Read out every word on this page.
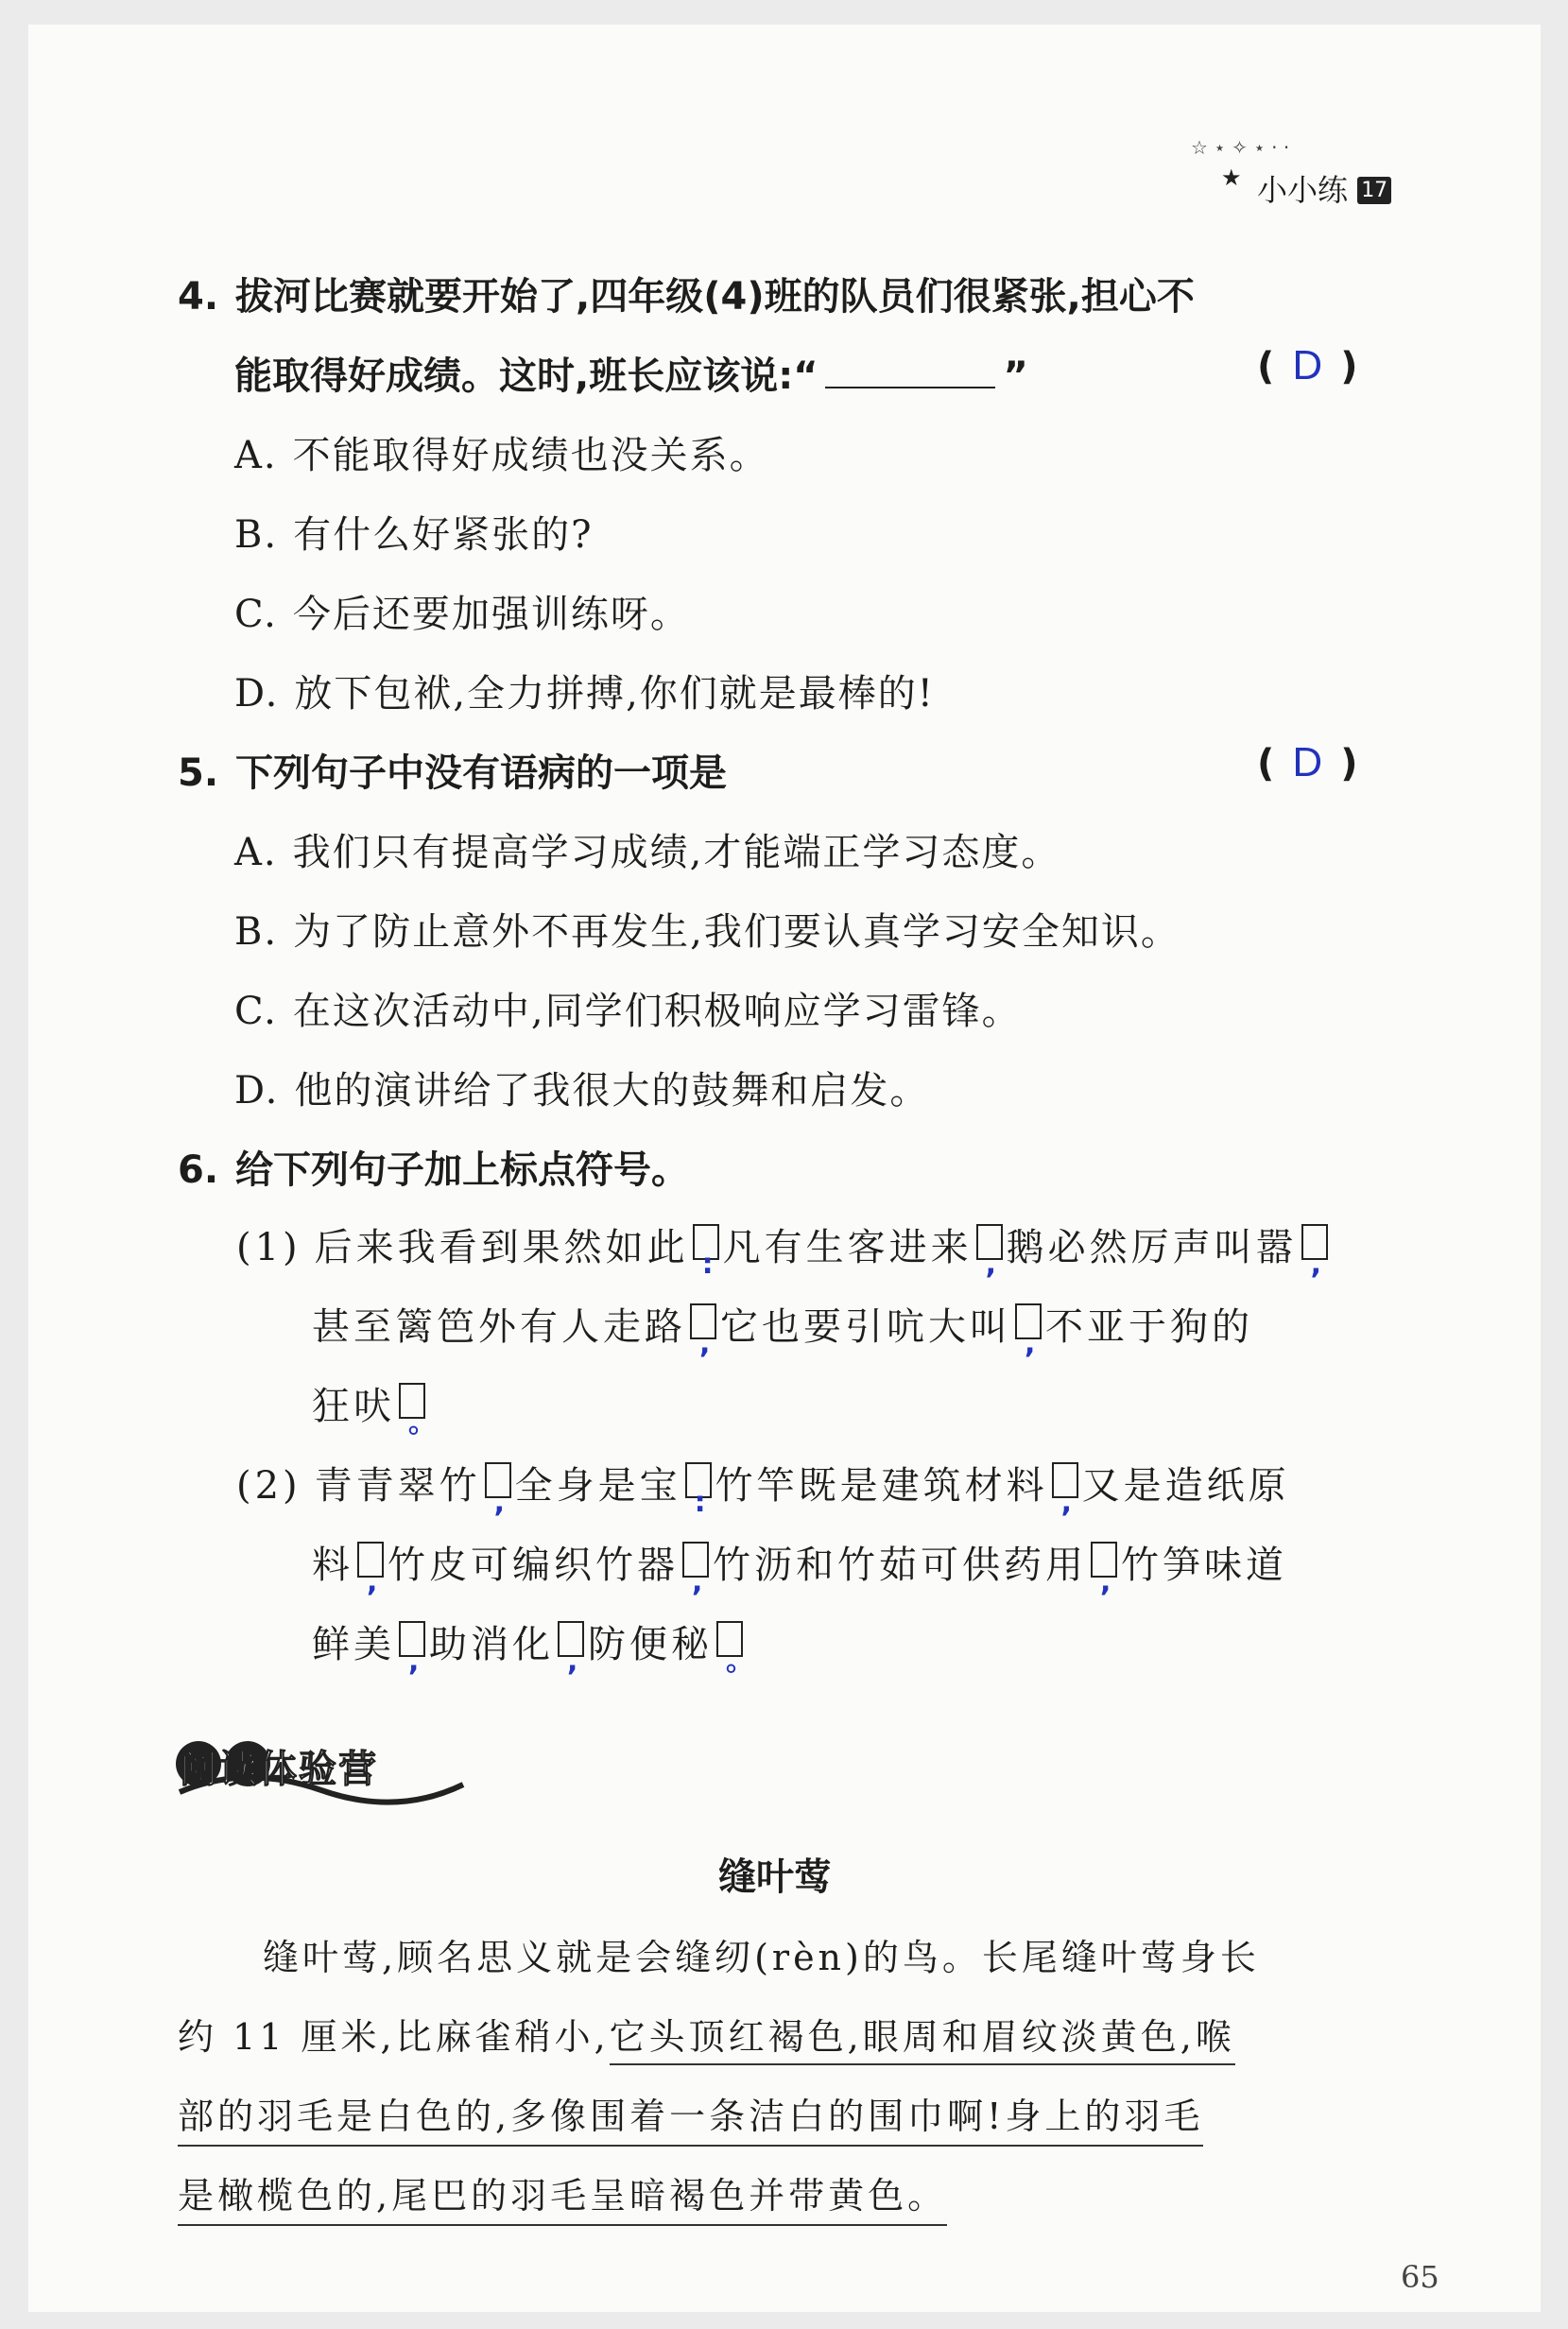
☆ ⋆ ✧ ⋆ · ·
★ 小小练 17
4. 拔河比赛就要开始了,四年级(4)班的队员们很紧张,担心不
能取得好成绩。这时,班长应该说:“	”	( D )
A. 不能取得好成绩也没关系。
B. 有什么好紧张的?
C. 今后还要加强训练呀。
D. 放下包袱,全力拼搏,你们就是最棒的!
5. 下列句子中没有语病的一项是	( D )
A. 我们只有提高学习成绩,才能端正学习态度。
B. 为了防止意外不再发生,我们要认真学习安全知识。
C. 在这次活动中,同学们积极响应学习雷锋。
D. 他的演讲给了我很大的鼓舞和启发。
6. 给下列句子加上标点符号。
(1) 后来我看到果然如此 : 凡有生客进来 , 鹅必然厉声叫嚣 ,
甚至篱笆外有人走路 , 它也要引吭大叫 , 不亚于狗的
狂吠 。
(2) 青青翠竹 , 全身是宝 : 竹竿既是建筑材料 , 又是造纸原
料 , 竹皮可编织竹器 , 竹沥和竹茹可供药用 , 竹笋味道
鲜美 , 助消化 , 防便秘 。
阅读体验营
缝叶莺
缝叶莺,顾名思义就是会缝纫(rèn)的鸟。长尾缝叶莺身长
约 11 厘米,比麻雀稍小,它头顶红褐色,眼周和眉纹淡黄色,喉
部的羽毛是白色的,多像围着一条洁白的围巾啊!身上的羽毛
是橄榄色的,尾巴的羽毛呈暗褐色并带黄色。
65
